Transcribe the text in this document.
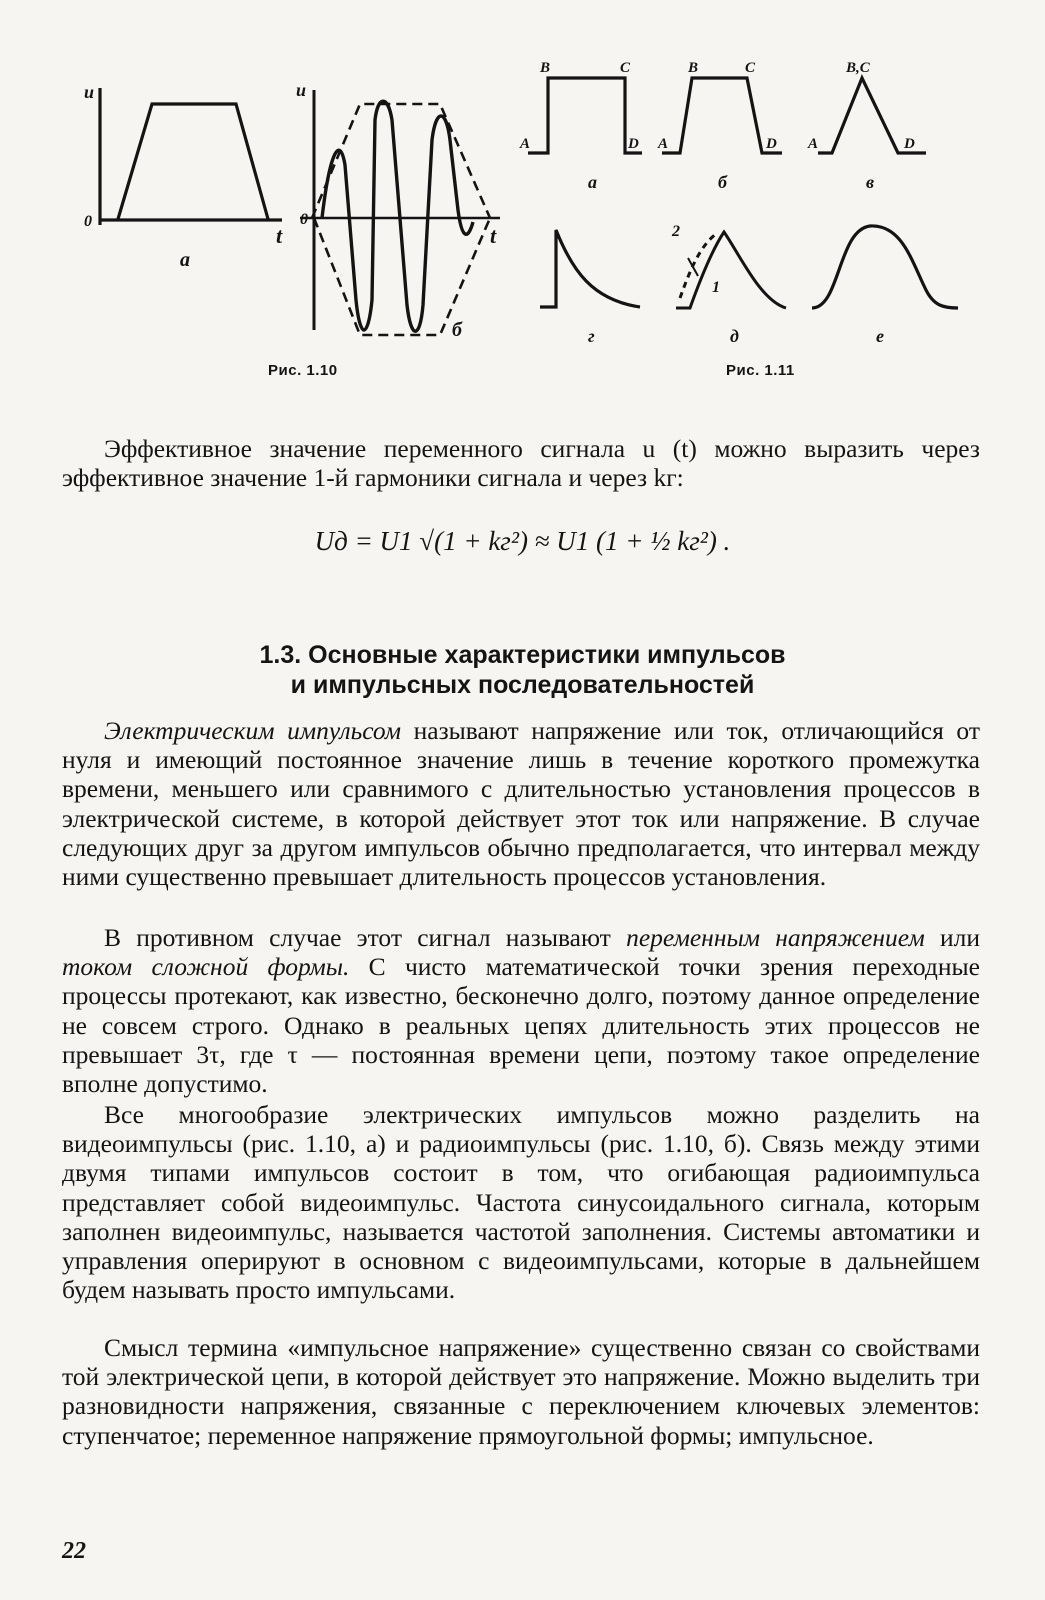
u
0
t
а
u
0
t
б
B	C
A	D
а
B	C
A	D
б
B,C
A	D
в
г
2
1
д	е
Рис. 1.10	Рис. 1.11

Эффективное значение переменного сигнала u (t) можно выразить через эффективное значение 1-й гармоники сигнала и через kг:

Uд = U1 √(1 + kг²) ≈ U1 (1 + ½ kг²) .
1.3. Основные характеристики импульсов
и импульсных последовательностей

Электрическим импульсом называют напряжение или ток, отличающийся от нуля и имеющий постоянное значение лишь в течение короткого промежутка времени, меньшего или сравнимого с длительностью установления процессов в электрической системе, в которой действует этот ток или напряжение. В случае следующих друг за другом импульсов обычно предполагается, что интервал между ними существенно превышает длительность процессов установления.

В противном случае этот сигнал называют переменным напряжением или током сложной формы. С чисто математической точки зрения переходные процессы протекают, как известно, бесконечно долго, поэтому данное определение не совсем строго. Однако в реальных цепях длительность этих процессов не превышает 3τ, где τ — постоянная времени цепи, поэтому такое определение вполне допустимо.

Все многообразие электрических импульсов можно разделить на видеоимпульсы (рис. 1.10, а) и радиоимпульсы (рис. 1.10, б). Связь между этими двумя типами импульсов состоит в том, что огибающая радиоимпульса представляет собой видеоимпульс. Частота синусоидального сигнала, которым заполнен видеоимпульс, называется частотой заполнения. Системы автоматики и управления оперируют в основном с видеоимпульсами, которые в дальнейшем будем называть просто импульсами.

Смысл термина «импульсное напряжение» существенно связан со свойствами той электрической цепи, в которой действует это напряжение. Можно выделить три разновидности напряжения, связанные с переключением ключевых элементов: ступенчатое; переменное напряжение прямоугольной формы; импульсное.

22
